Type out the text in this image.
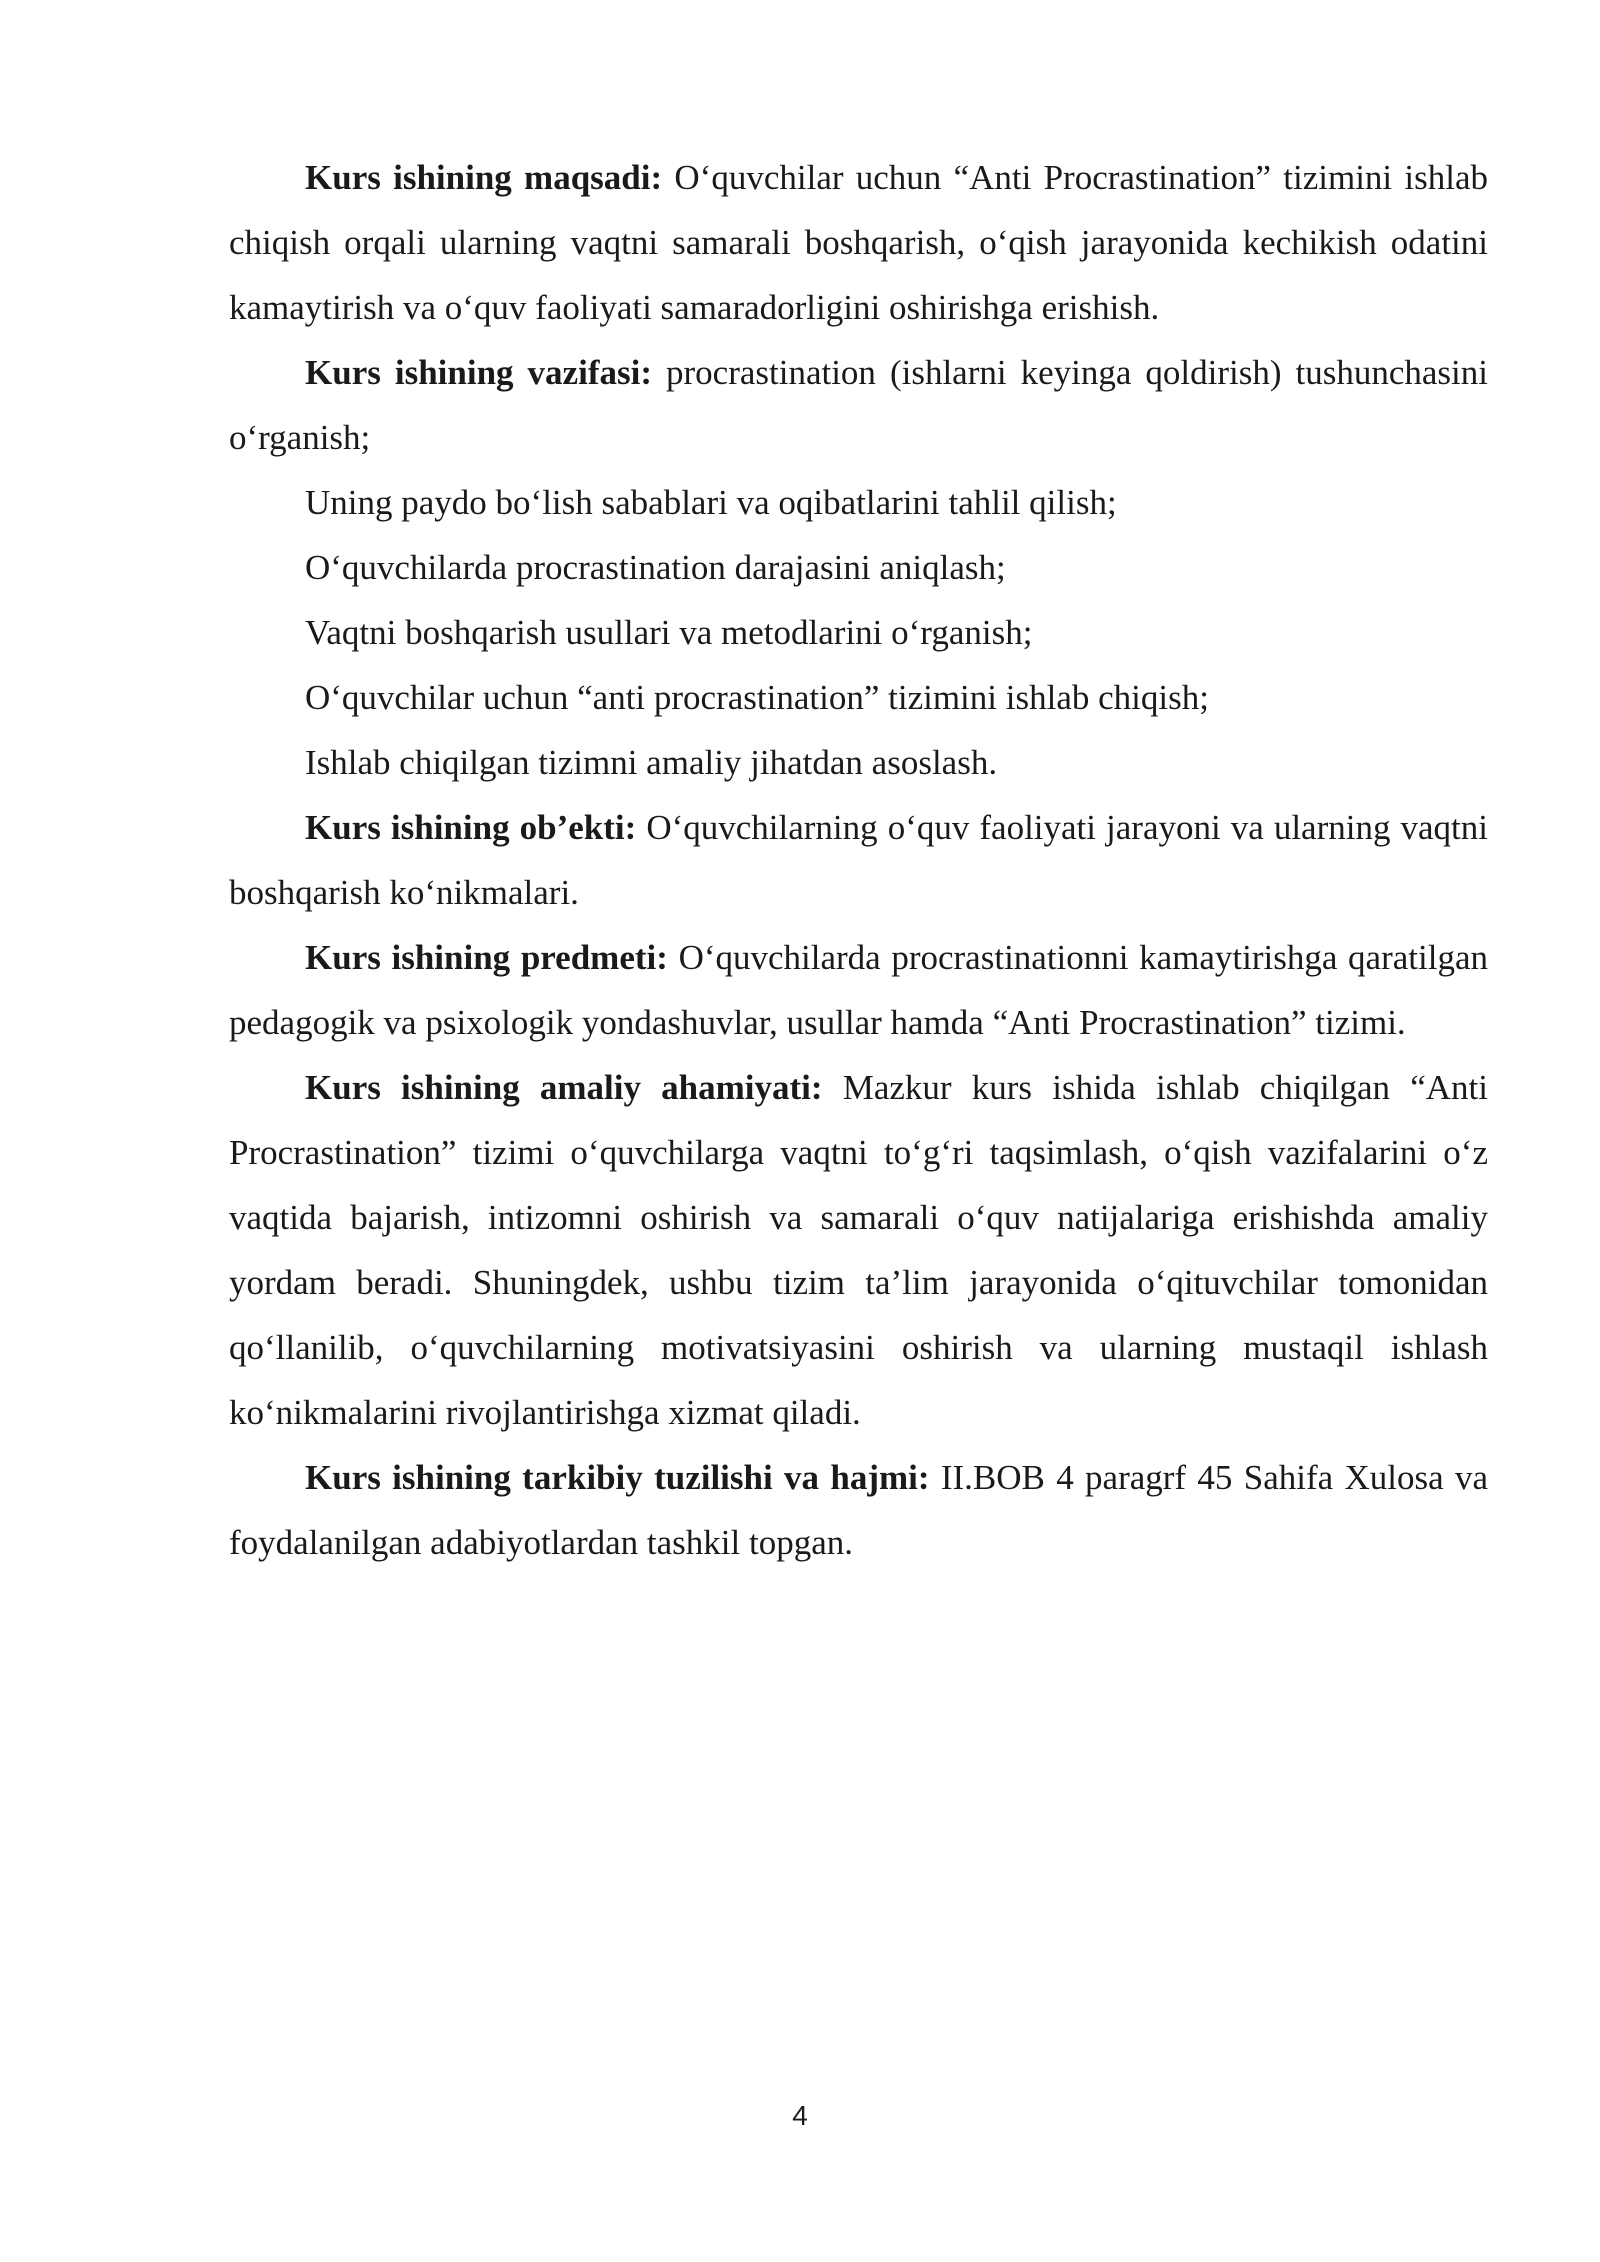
Kurs ishining maqsadi: O‘quvchilar uchun “Anti Procrastination” tizimini ishlab chiqish orqali ularning vaqtni samarali boshqarish, o‘qish jarayonida kechikish odatini kamaytirish va o‘quv faoliyati samaradorligini oshirishga erishish.

Kurs ishining vazifasi: procrastination (ishlarni keyinga qoldirish) tushunchasini o‘rganish;

Uning paydo bo‘lish sabablari va oqibatlarini tahlil qilish;

O‘quvchilarda procrastination darajasini aniqlash;

Vaqtni boshqarish usullari va metodlarini o‘rganish;

O‘quvchilar uchun “anti procrastination” tizimini ishlab chiqish;

Ishlab chiqilgan tizimni amaliy jihatdan asoslash.

Kurs ishining ob’ekti: O‘quvchilarning o‘quv faoliyati jarayoni va ularning vaqtni boshqarish ko‘nikmalari.

Kurs ishining predmeti: O‘quvchilarda procrastinationni kamaytirishga qaratilgan pedagogik va psixologik yondashuvlar, usullar hamda “Anti Procrastination” tizimi.

Kurs ishining amaliy ahamiyati: Mazkur kurs ishida ishlab chiqilgan “Anti Procrastination” tizimi o‘quvchilarga vaqtni to‘g‘ri taqsimlash, o‘qish vazifalarini o‘z vaqtida bajarish, intizomni oshirish va samarali o‘quv natijalariga erishishda amaliy yordam beradi. Shuningdek, ushbu tizim ta’lim jarayonida o‘qituvchilar tomonidan qo‘llanilib, o‘quvchilarning motivatsiyasini oshirish va ularning mustaqil ishlash ko‘nikmalarini rivojlantirishga xizmat qiladi.

Kurs ishining tarkibiy tuzilishi va hajmi: II.BOB 4 paragrf 45 Sahifa Xulosa va foydalanilgan adabiyotlardan tashkil topgan.

4
